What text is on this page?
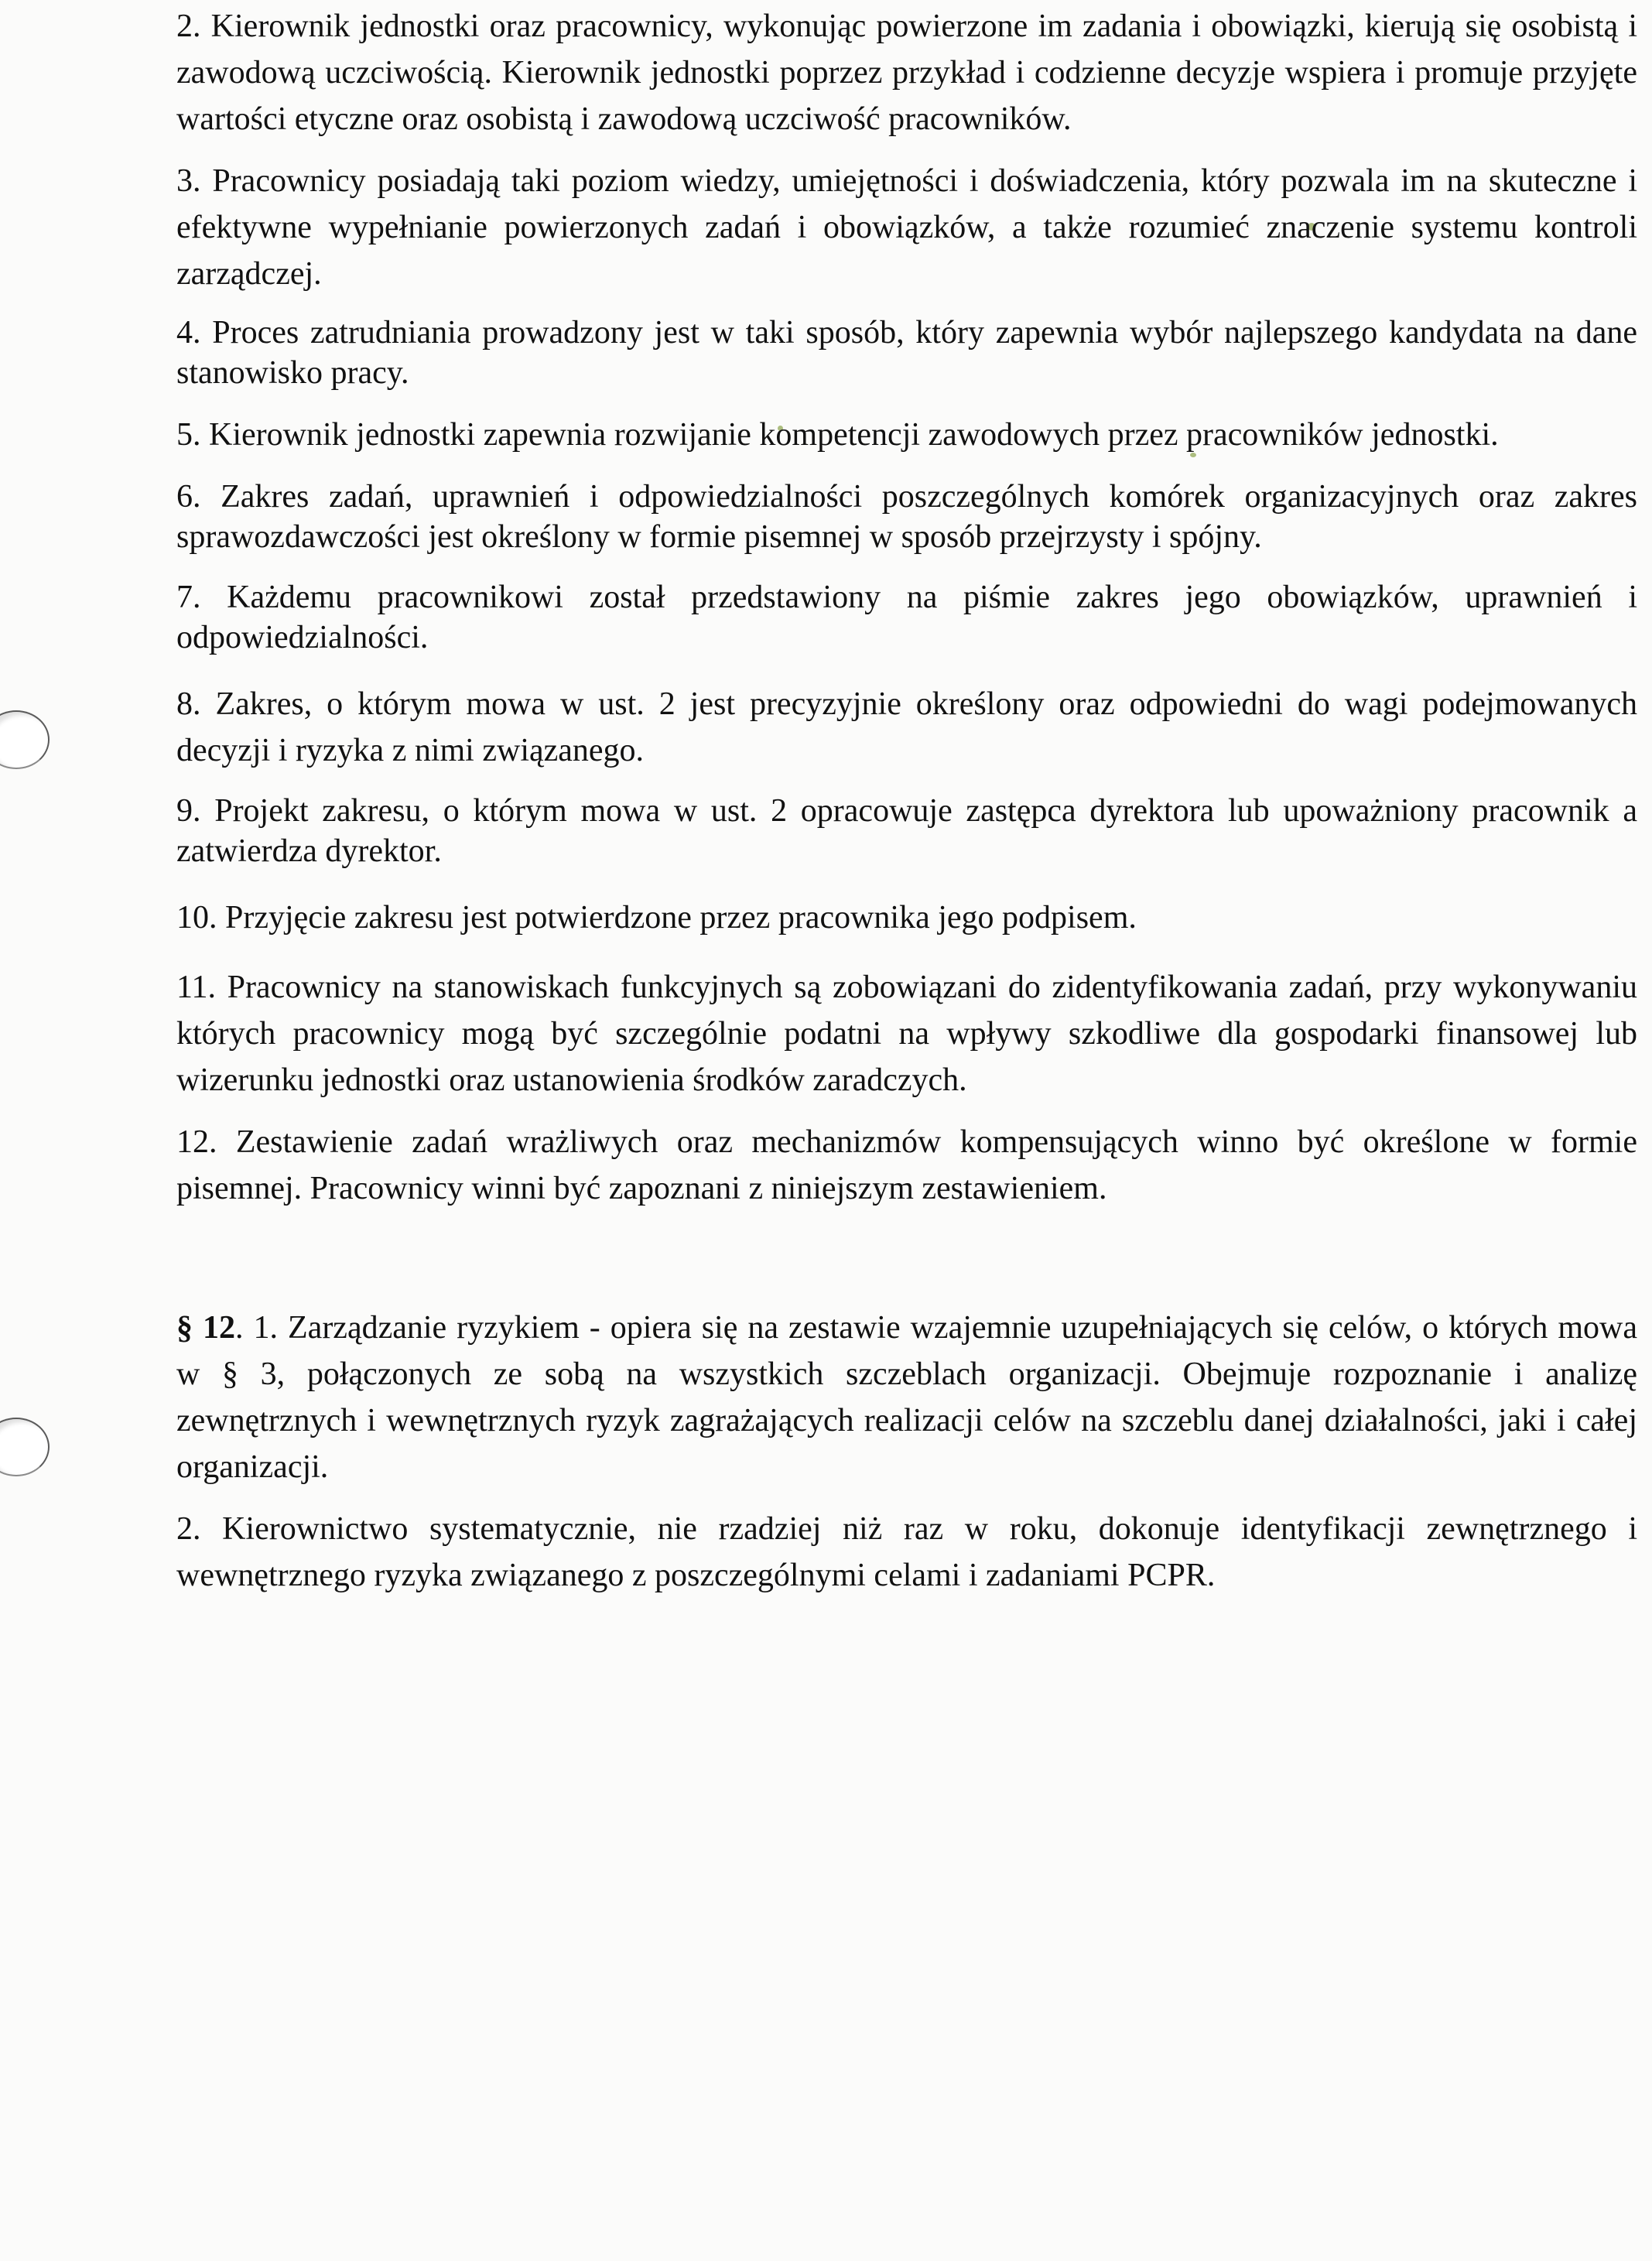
2. Kierownik jednostki oraz pracownicy, wykonując powierzone im zadania i obowiązki, kierują się osobistą i zawodową uczciwością. Kierownik jednostki poprzez przykład i codzienne decyzje wspiera i promuje przyjęte wartości etyczne oraz osobistą i zawodową uczciwość pracowników.

3. Pracownicy posiadają taki poziom wiedzy, umiejętności i doświadczenia, który pozwala im na skuteczne i efektywne wypełnianie powierzonych zadań i obowiązków, a także rozumieć znaczenie systemu kontroli zarządczej.

4. Proces zatrudniania prowadzony jest w taki sposób, który zapewnia wybór najlepszego kandydata na dane stanowisko pracy.

5. Kierownik jednostki zapewnia rozwijanie kompetencji zawodowych przez pracowników jednostki.

6. Zakres zadań, uprawnień i odpowiedzialności poszczególnych komórek organizacyjnych oraz zakres sprawozdawczości jest określony w formie pisemnej w sposób przejrzysty i spójny.

7. Każdemu pracownikowi został przedstawiony na piśmie zakres jego obowiązków, uprawnień i odpowiedzialności.

8. Zakres, o którym mowa w ust. 2 jest precyzyjnie określony oraz odpowiedni do wagi podejmowanych decyzji i ryzyka z nimi związanego.

9. Projekt zakresu, o którym mowa w ust. 2 opracowuje zastępca dyrektora lub upoważniony pracownik a zatwierdza dyrektor.

10. Przyjęcie zakresu jest potwierdzone przez pracownika jego podpisem.

11. Pracownicy na stanowiskach funkcyjnych są zobowiązani do zidentyfikowania zadań, przy wykonywaniu których pracownicy mogą być szczególnie podatni na wpływy szkodliwe dla gospodarki finansowej lub wizerunku jednostki oraz ustanowienia środków zaradczych.

12. Zestawienie zadań wrażliwych oraz mechanizmów kompensujących winno być określone w formie pisemnej. Pracownicy winni być zapoznani z niniejszym zestawieniem.

§ 12. 1. Zarządzanie ryzykiem - opiera się na zestawie wzajemnie uzupełniających się celów, o których mowa w § 3, połączonych ze sobą na wszystkich szczeblach organizacji. Obejmuje rozpoznanie i analizę zewnętrznych i wewnętrznych ryzyk zagrażających realizacji celów na szczeblu danej działalności, jaki i całej organizacji.

2. Kierownictwo systematycznie, nie rzadziej niż raz w roku, dokonuje identyfikacji zewnętrznego i wewnętrznego ryzyka związanego z poszczególnymi celami i zadaniami PCPR.
